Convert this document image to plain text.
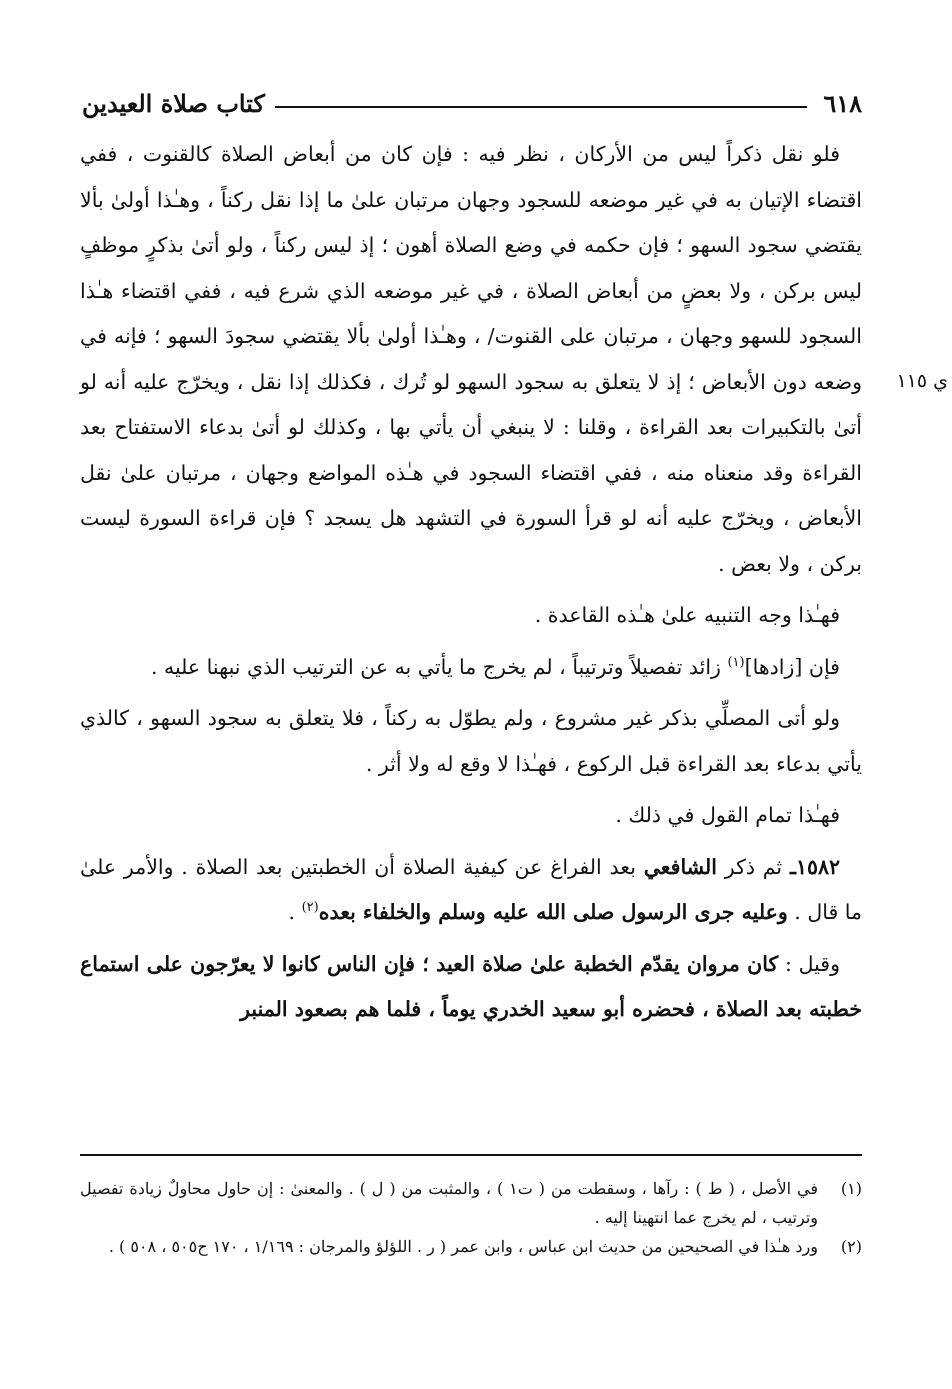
٦١٨
كتاب صلاة العيدين
ي ١١٥

فلو نقل ذكراً ليس من الأركان ، نظر فيه : فإن كان من أبعاض الصلاة كالقنوت ، ففي اقتضاء الإتيان به في غير موضعه للسجود وجهان مرتبان علىٰ ما إذا نقل ركناً ، وهـٰذا أولىٰ بألا يقتضي سجود السهو ؛ فإن حكمه في وضع الصلاة أهون ؛ إذ ليس ركناً ، ولو أتىٰ بذكرٍ موظفٍ ليس بركن ، ولا بعضٍ من أبعاض الصلاة ، في غير موضعه الذي شرع فيه ، ففي اقتضاء هـٰذا السجود للسهو وجهان ، مرتبان على القنوت/ ، وهـٰذا أولىٰ بألا يقتضي سجودَ السهو ؛ فإنه في وضعه دون الأبعاض ؛ إذ لا يتعلق به سجود السهو لو تُرك ، فكذلك إذا نقل ، ويخرّج عليه أنه لو أتىٰ بالتكبيرات بعد القراءة ، وقلنا : لا ينبغي أن يأتي بها ، وكذلك لو أتىٰ بدعاء الاستفتاح بعد القراءة وقد منعناه منه ، ففي اقتضاء السجود في هـٰذه المواضع وجهان ، مرتبان علىٰ نقل الأبعاض ، ويخرّج عليه أنه لو قرأ السورة في التشهد هل يسجد ؟ فإن قراءة السورة ليست بركن ، ولا بعض .

فهـٰذا وجه التنبيه علىٰ هـٰذه القاعدة .

فإن [زادها]$^{(١)}$ زائد تفصيلاً وترتيباً ، لم يخرج ما يأتي به عن الترتيب الذي نبهنا عليه .

ولو أتى المصلِّي بذكر غير مشروع ، ولم يطوّل به ركناً ، فلا يتعلق به سجود السهو ، كالذي يأتي بدعاء بعد القراءة قبل الركوع ، فهـٰذا لا وقع له ولا أثر .

فهـٰذا تمام القول في ذلك .

١٥٨٢ـ ثم ذكر الشافعي بعد الفراغ عن كيفية الصلاة أن الخطبتين بعد الصلاة . والأمر علىٰ ما قال . وعليه جرى الرسول صلى الله عليه وسلم والخلفاء بعده$^{(٢)}$ .

وقيل : كان مروان يقدّم الخطبة علىٰ صلاة العيد ؛ فإن الناس كانوا لا يعرّجون على استماع خطبته بعد الصلاة ، فحضره أبو سعيد الخدري يوماً ، فلما هم بصعود المنبر

(١)
في الأصل ، ( ط ) : رآها ، وسقطت من ( ت١ ) ، والمثبت من ( ل ) . والمعنىٰ : إن حاول محاولٌ زيادة تفصيل وترتيب ، لم يخرج عما انتهينا إليه .
(٢)
ورد هـٰذا في الصحيحين من حديث ابن عباس ، وابن عمر ( ر . اللؤلؤ والمرجان : ١/١٦٩ ، ١٧٠ ح٥٠٥ ، ٥٠٨ ) .
